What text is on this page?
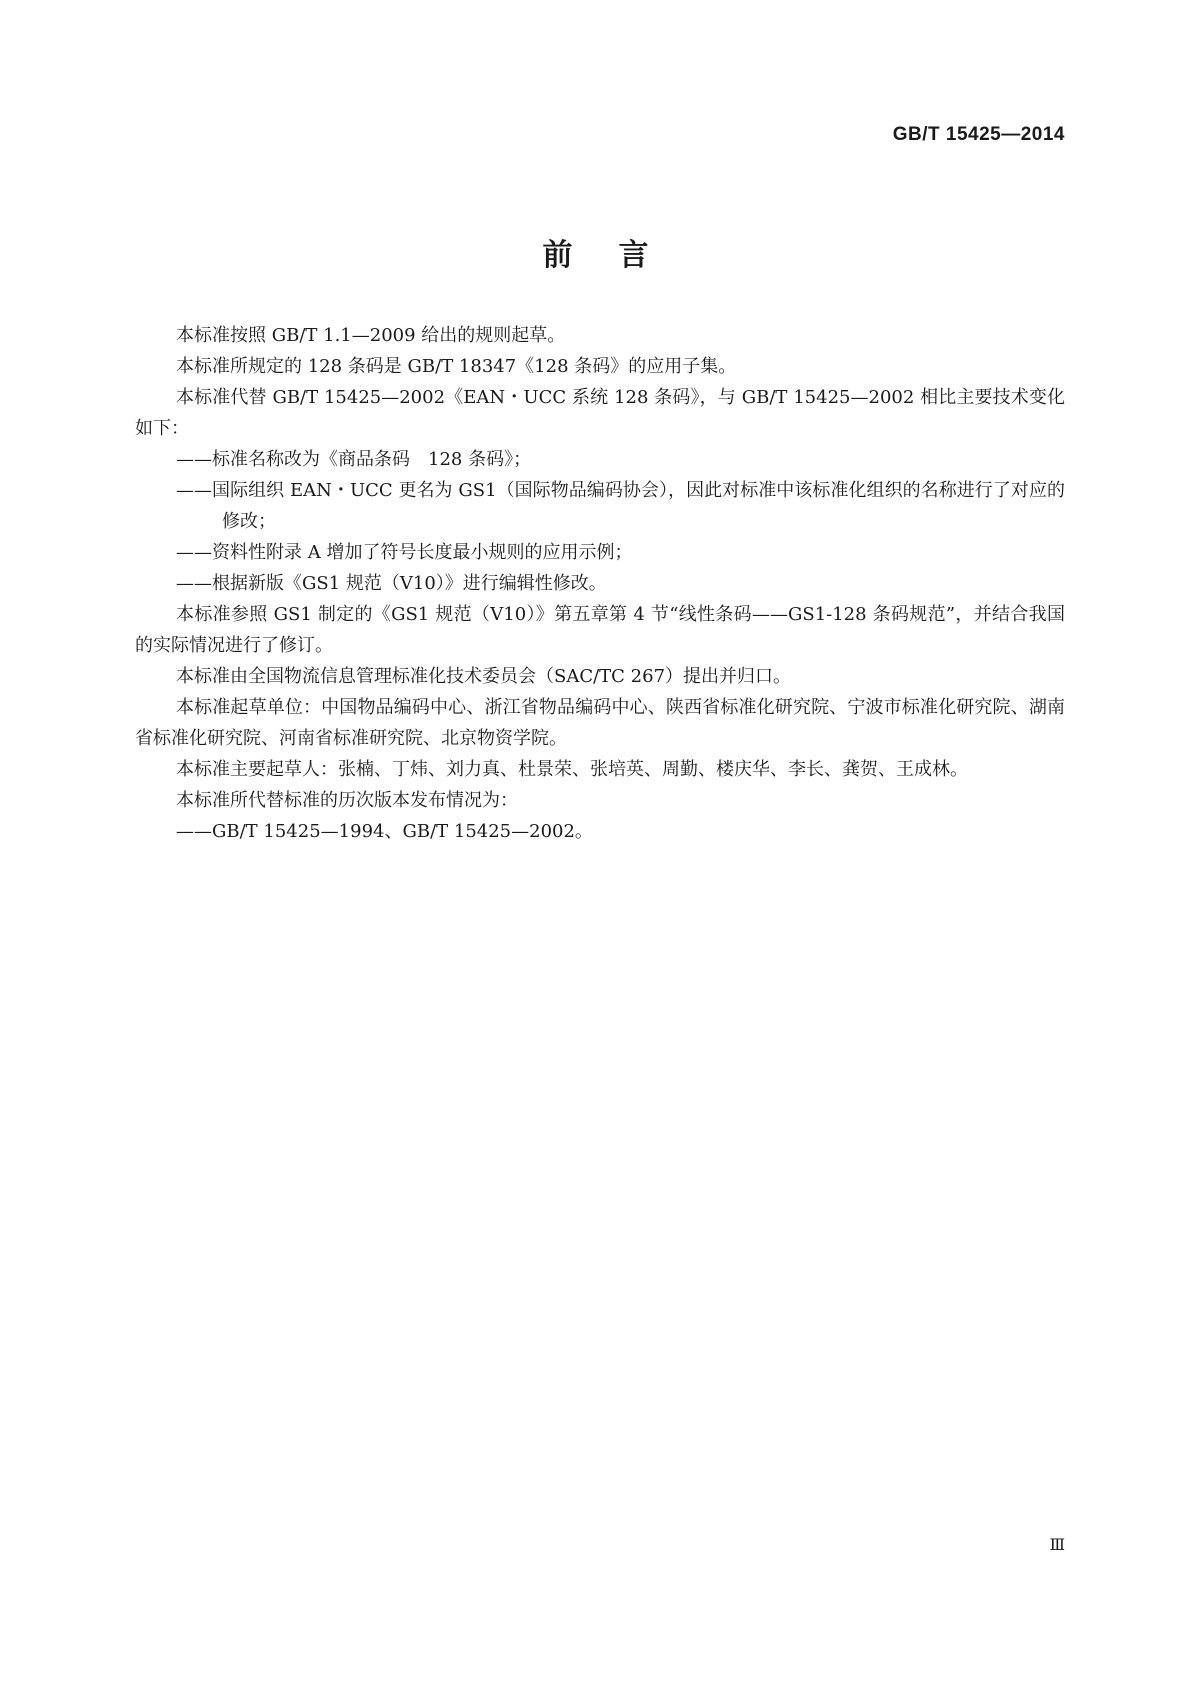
GB/T 15425—2014
前言

本标准按照 GB/T 1.1—2009 给出的规则起草。

本标准所规定的 128 条码是 GB/T 18347《128 条码》的应用子集。

本标准代替 GB/T 15425—2002《EAN・UCC 系统 128 条码》，与 GB/T 15425—2002 相比主要技术变化如下：

——标准名称改为《商品条码　128 条码》；

——国际组织 EAN・UCC 更名为 GS1（国际物品编码协会），因此对标准中该标准化组织的名称进行了对应的修改；

——资料性附录 A 增加了符号长度最小规则的应用示例；

——根据新版《GS1 规范（V10）》进行编辑性修改。

本标准参照 GS1 制定的《GS1 规范（V10）》第五章第 4 节“线性条码——GS1-128 条码规范”，并结合我国的实际情况进行了修订。

本标准由全国物流信息管理标准化技术委员会（SAC/TC 267）提出并归口。

本标准起草单位：中国物品编码中心、浙江省物品编码中心、陕西省标准化研究院、宁波市标准化研究院、湖南省标准化研究院、河南省标准研究院、北京物资学院。

本标准主要起草人：张楠、丁炜、刘力真、杜景荣、张培英、周勤、楼庆华、李长、龚贺、王成林。

本标准所代替标准的历次版本发布情况为：

——GB/T 15425—1994、GB/T 15425—2002。

Ⅲ
